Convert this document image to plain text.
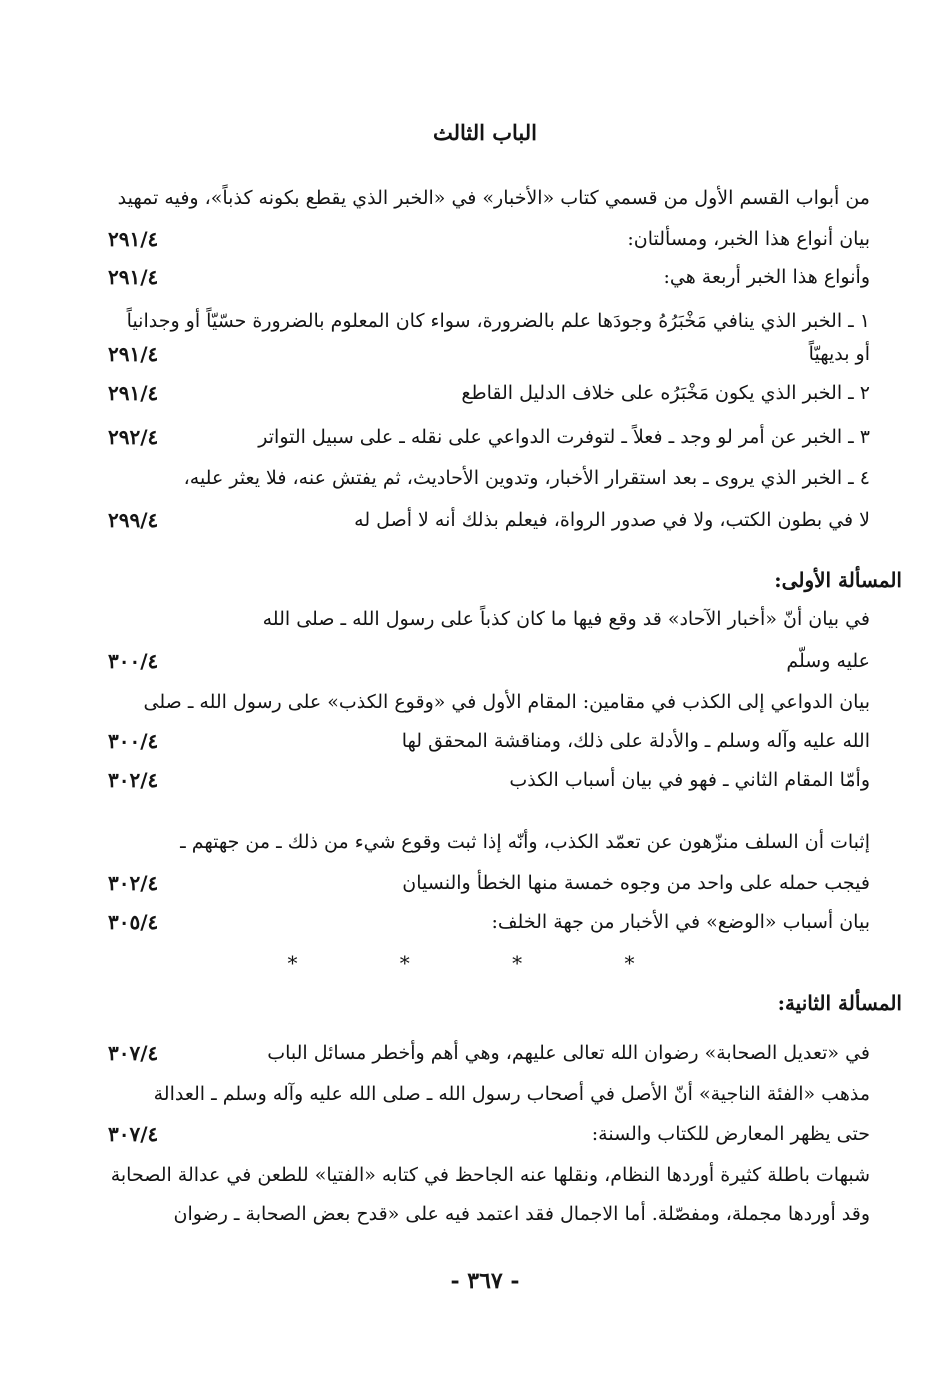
الباب الثالث
من أبواب القسم الأول من قسمي كتاب «الأخبار» في «الخبر الذي يقطع بكونه كذباً»، وفيه تمهيد
بيان أنواع هذا الخبر، ومسألتان:
٢٩١/٤
وأنواع هذا الخبر أربعة هي:
٢٩١/٤
١ ـ الخبر الذي ينافي مَخْبَرُهُ وجودَها علم بالضرورة، سواء كان المعلوم بالضرورة حسّيّاً أو وجدانياً
أو بديهيّاً
٢٩١/٤
٢ ـ الخبر الذي يكون مَخْبَرُه على خلاف الدليل القاطع
٢٩١/٤
٣ ـ الخبر عن أمر لو وجد ـ فعلاً ـ لتوفرت الدواعي على نقله ـ على سبيل التواتر
٢٩٢/٤
٤ ـ الخبر الذي يروى ـ بعد استقرار الأخبار، وتدوين الأحاديث، ثم يفتش عنه، فلا يعثر عليه،
لا في بطون الكتب، ولا في صدور الرواة، فيعلم بذلك أنه لا أصل له
٢٩٩/٤
المسألة الأولى:
في بيان أنّ «أخبار الآحاد» قد وقع فيها ما كان كذباً على رسول الله ـ صلى الله
عليه وسلّم
٣٠٠/٤
بيان الدواعي إلى الكذب في مقامين: المقام الأول في «وقوع الكذب» على رسول الله ـ صلى
الله عليه وآله وسلم ـ والأدلة على ذلك، ومناقشة المحقق لها
٣٠٠/٤
وأمّا المقام الثاني ـ فهو في بيان أسباب الكذب
٣٠٢/٤
إثبات أن السلف منزّهون عن تعمّد الكذب، وأنّه إذا ثبت وقوع شيء من ذلك ـ من جهتهم ـ
فيجب حمله على واحد من وجوه خمسة منها الخطأ والنسيان
٣٠٢/٤
بيان أسباب «الوضع» في الأخبار من جهة الخلف:
٣٠٥/٤
* * * *
المسألة الثانية:
في «تعديل الصحابة» رضوان الله تعالى عليهم، وهي أهم وأخطر مسائل الباب
٣٠٧/٤
مذهب «الفئة الناجية» أنّ الأصل في أصحاب رسول الله ـ صلى الله عليه وآله وسلم ـ العدالة
حتى يظهر المعارض للكتاب والسنة:
٣٠٧/٤
شبهات باطلة كثيرة أوردها النظام، ونقلها عنه الجاحظ في كتابه «الفتيا» للطعن في عدالة الصحابة
وقد أوردها مجملة، ومفصّلة. أما الاجمال فقد اعتمد فيه على «قدح بعض الصحابة ـ رضوان
- ٣٦٧ -
